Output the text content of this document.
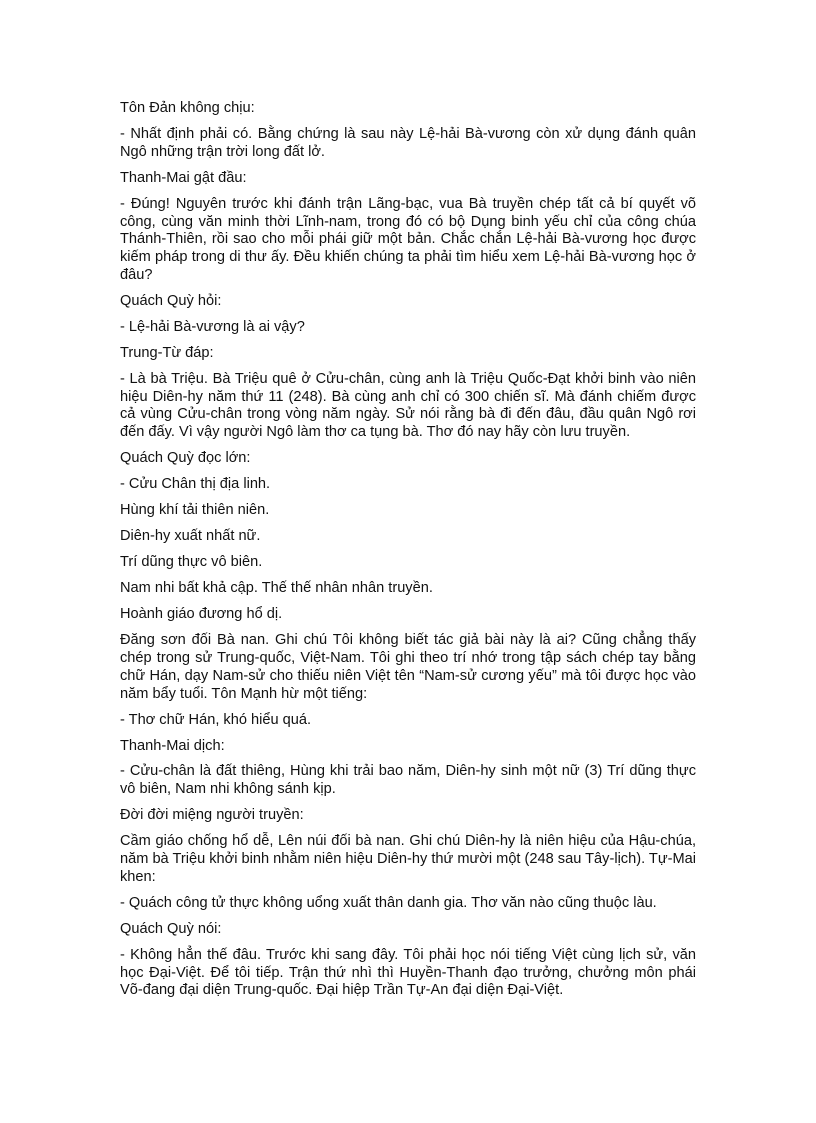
Tôn Đản không chịu:

- Nhất định phải có. Bằng chứng là sau này Lệ-hải Bà-vương còn xử dụng đánh quân Ngô những trận trời long đất lở.

Thanh-Mai gật đầu:

- Đúng! Nguyên trước khi đánh trận Lãng-bạc, vua Bà truyền chép tất cả bí quyết võ công, cùng văn minh thời Lĩnh-nam, trong đó có bộ Dụng binh yếu chỉ của công chúa Thánh-Thiên, rồi sao cho mỗi phái giữ một bản. Chắc chắn Lệ-hải Bà-vương học được kiếm pháp trong di thư ấy. Đều khiến chúng ta phải tìm hiểu xem Lệ-hải Bà-vương học ở đâu?

Quách Quỳ hỏi:

- Lệ-hải Bà-vương là ai vậy?

Trung-Từ đáp:

- Là bà Triệu. Bà Triệu quê ở Cửu-chân, cùng anh là Triệu Quốc-Đạt khởi binh vào niên hiệu Diên-hy năm thứ 11 (248). Bà cùng anh chỉ có 300 chiến sĩ. Mà đánh chiếm được cả vùng Cửu-chân trong vòng năm ngày. Sử nói rằng bà đi đến đâu, đầu quân Ngô rơi đến đấy. Vì vậy người Ngô làm thơ ca tụng bà. Thơ đó nay hãy còn lưu truyền.

Quách Quỳ đọc lớn:

- Cửu Chân thị địa linh.

Hùng khí tải thiên niên.

Diên-hy xuất nhất nữ.

Trí dũng thực vô biên.

Nam nhi bất khả cập. Thế thế nhân nhân truyền.

Hoành giáo đương hổ dị.

Đăng sơn đối Bà nan. Ghi chú Tôi không biết tác giả bài này là ai? Cũng chẳng thấy chép trong sử Trung-quốc, Việt-Nam. Tôi ghi theo trí nhớ trong tập sách chép tay bằng chữ Hán, dạy Nam-sử cho thiếu niên Việt tên “Nam-sử cương yếu” mà tôi được học vào năm bẩy tuổi. Tôn Mạnh hừ một tiếng:

- Thơ chữ Hán, khó hiểu quá.

Thanh-Mai dịch:

- Cửu-chân là đất thiêng, Hùng khi trải bao năm, Diên-hy sinh một nữ (3) Trí dũng thực vô biên, Nam nhi không sánh kịp.

Đời đời miệng người truyền:

Cầm giáo chống hổ dễ, Lên núi đối bà nan. Ghi chú Diên-hy là niên hiệu của Hậu-chúa, năm bà Triệu khởi binh nhằm niên hiệu Diên-hy thứ mười một (248 sau Tây-lịch). Tự-Mai khen:

- Quách công tử thực không uổng xuất thân danh gia. Thơ văn nào cũng thuộc làu.

Quách Quỳ nói:

- Không hẳn thế đâu. Trước khi sang đây. Tôi phải học nói tiếng Việt cùng lịch sử, văn học Đại-Việt. Để tôi tiếp. Trận thứ nhì thì Huyền-Thanh đạo trưởng, chưởng môn phái Võ-đang đại diện Trung-quốc. Đại hiệp Trần Tự-An đại diện Đại-Việt.
